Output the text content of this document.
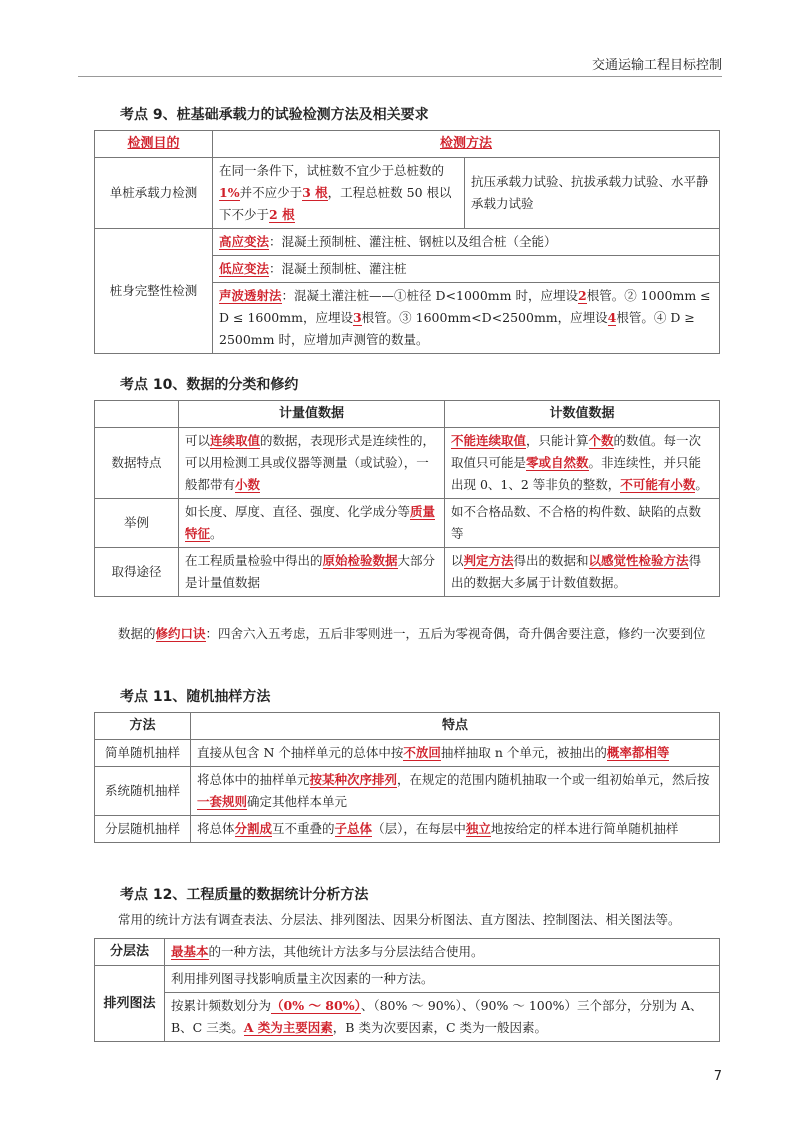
交通运输工程目标控制
考点 9、桩基础承载力的试验检测方法及相关要求
检测目的	检测方法	
单桩承载力检测	在同一条件下，试桩数不宜少于总桩数的1%并不应少于3 根，工程总桩数 50 根以下不少于2 根	抗压承载力试验、抗拔承载力试验、水平静承载力试验
桩身完整性检测	高应变法：混凝土预制桩、灌注桩、钢桩以及组合桩（全能）	
	低应变法：混凝土预制桩、灌注桩	
	声波透射法：混凝土灌注桩——①桩径 D<1000mm 时，应埋设2根管。② 1000mm ≤ D ≤ 1600mm，应埋设3根管。③ 1600mm<D<2500mm，应埋设4根管。④ D ≥ 2500mm 时，应增加声测管的数量。	
考点 10、数据的分类和修约
	计量值数据	计数值数据
数据特点	可以连续取值的数据，表现形式是连续性的，可以用检测工具或仪器等测量（或试验），一般都带有小数	不能连续取值，只能计算个数的数值。每一次取值只可能是零或自然数。非连续性，并只能出现 0、1、2 等非负的整数，不可能有小数。
举例	如长度、厚度、直径、强度、化学成分等质量特征。	如不合格品数、不合格的构件数、缺陷的点数等
取得途径	在工程质量检验中得出的原始检验数据大部分是计量值数据	以判定方法得出的数据和以感觉性检验方法得出的数据大多属于计数值数据。
数据的修约口诀：四舍六入五考虑，五后非零则进一，五后为零视奇偶，奇升偶舍要注意，修约一次要到位
考点 11、随机抽样方法
方法	特点
简单随机抽样	直接从包含 N 个抽样单元的总体中按不放回抽样抽取 n 个单元，被抽出的概率都相等
系统随机抽样	将总体中的抽样单元按某种次序排列，在规定的范围内随机抽取一个或一组初始单元，然后按一套规则确定其他样本单元
分层随机抽样	将总体分割成互不重叠的子总体（层），在每层中独立地按给定的样本进行简单随机抽样
考点 12、工程质量的数据统计分析方法
常用的统计方法有调查表法、分层法、排列图法、因果分析图法、直方图法、控制图法、相关图法等。
分层法	最基本的一种方法，其他统计方法多与分层法结合使用。
排列图法	利用排列图寻找影响质量主次因素的一种方法。
	按累计频数划分为（0% ～ 80%）、（80% ～ 90%）、（90% ～ 100%）三个部分，分别为 A、B、C 三类。A 类为主要因素，B 类为次要因素，C 类为一般因素。
7
